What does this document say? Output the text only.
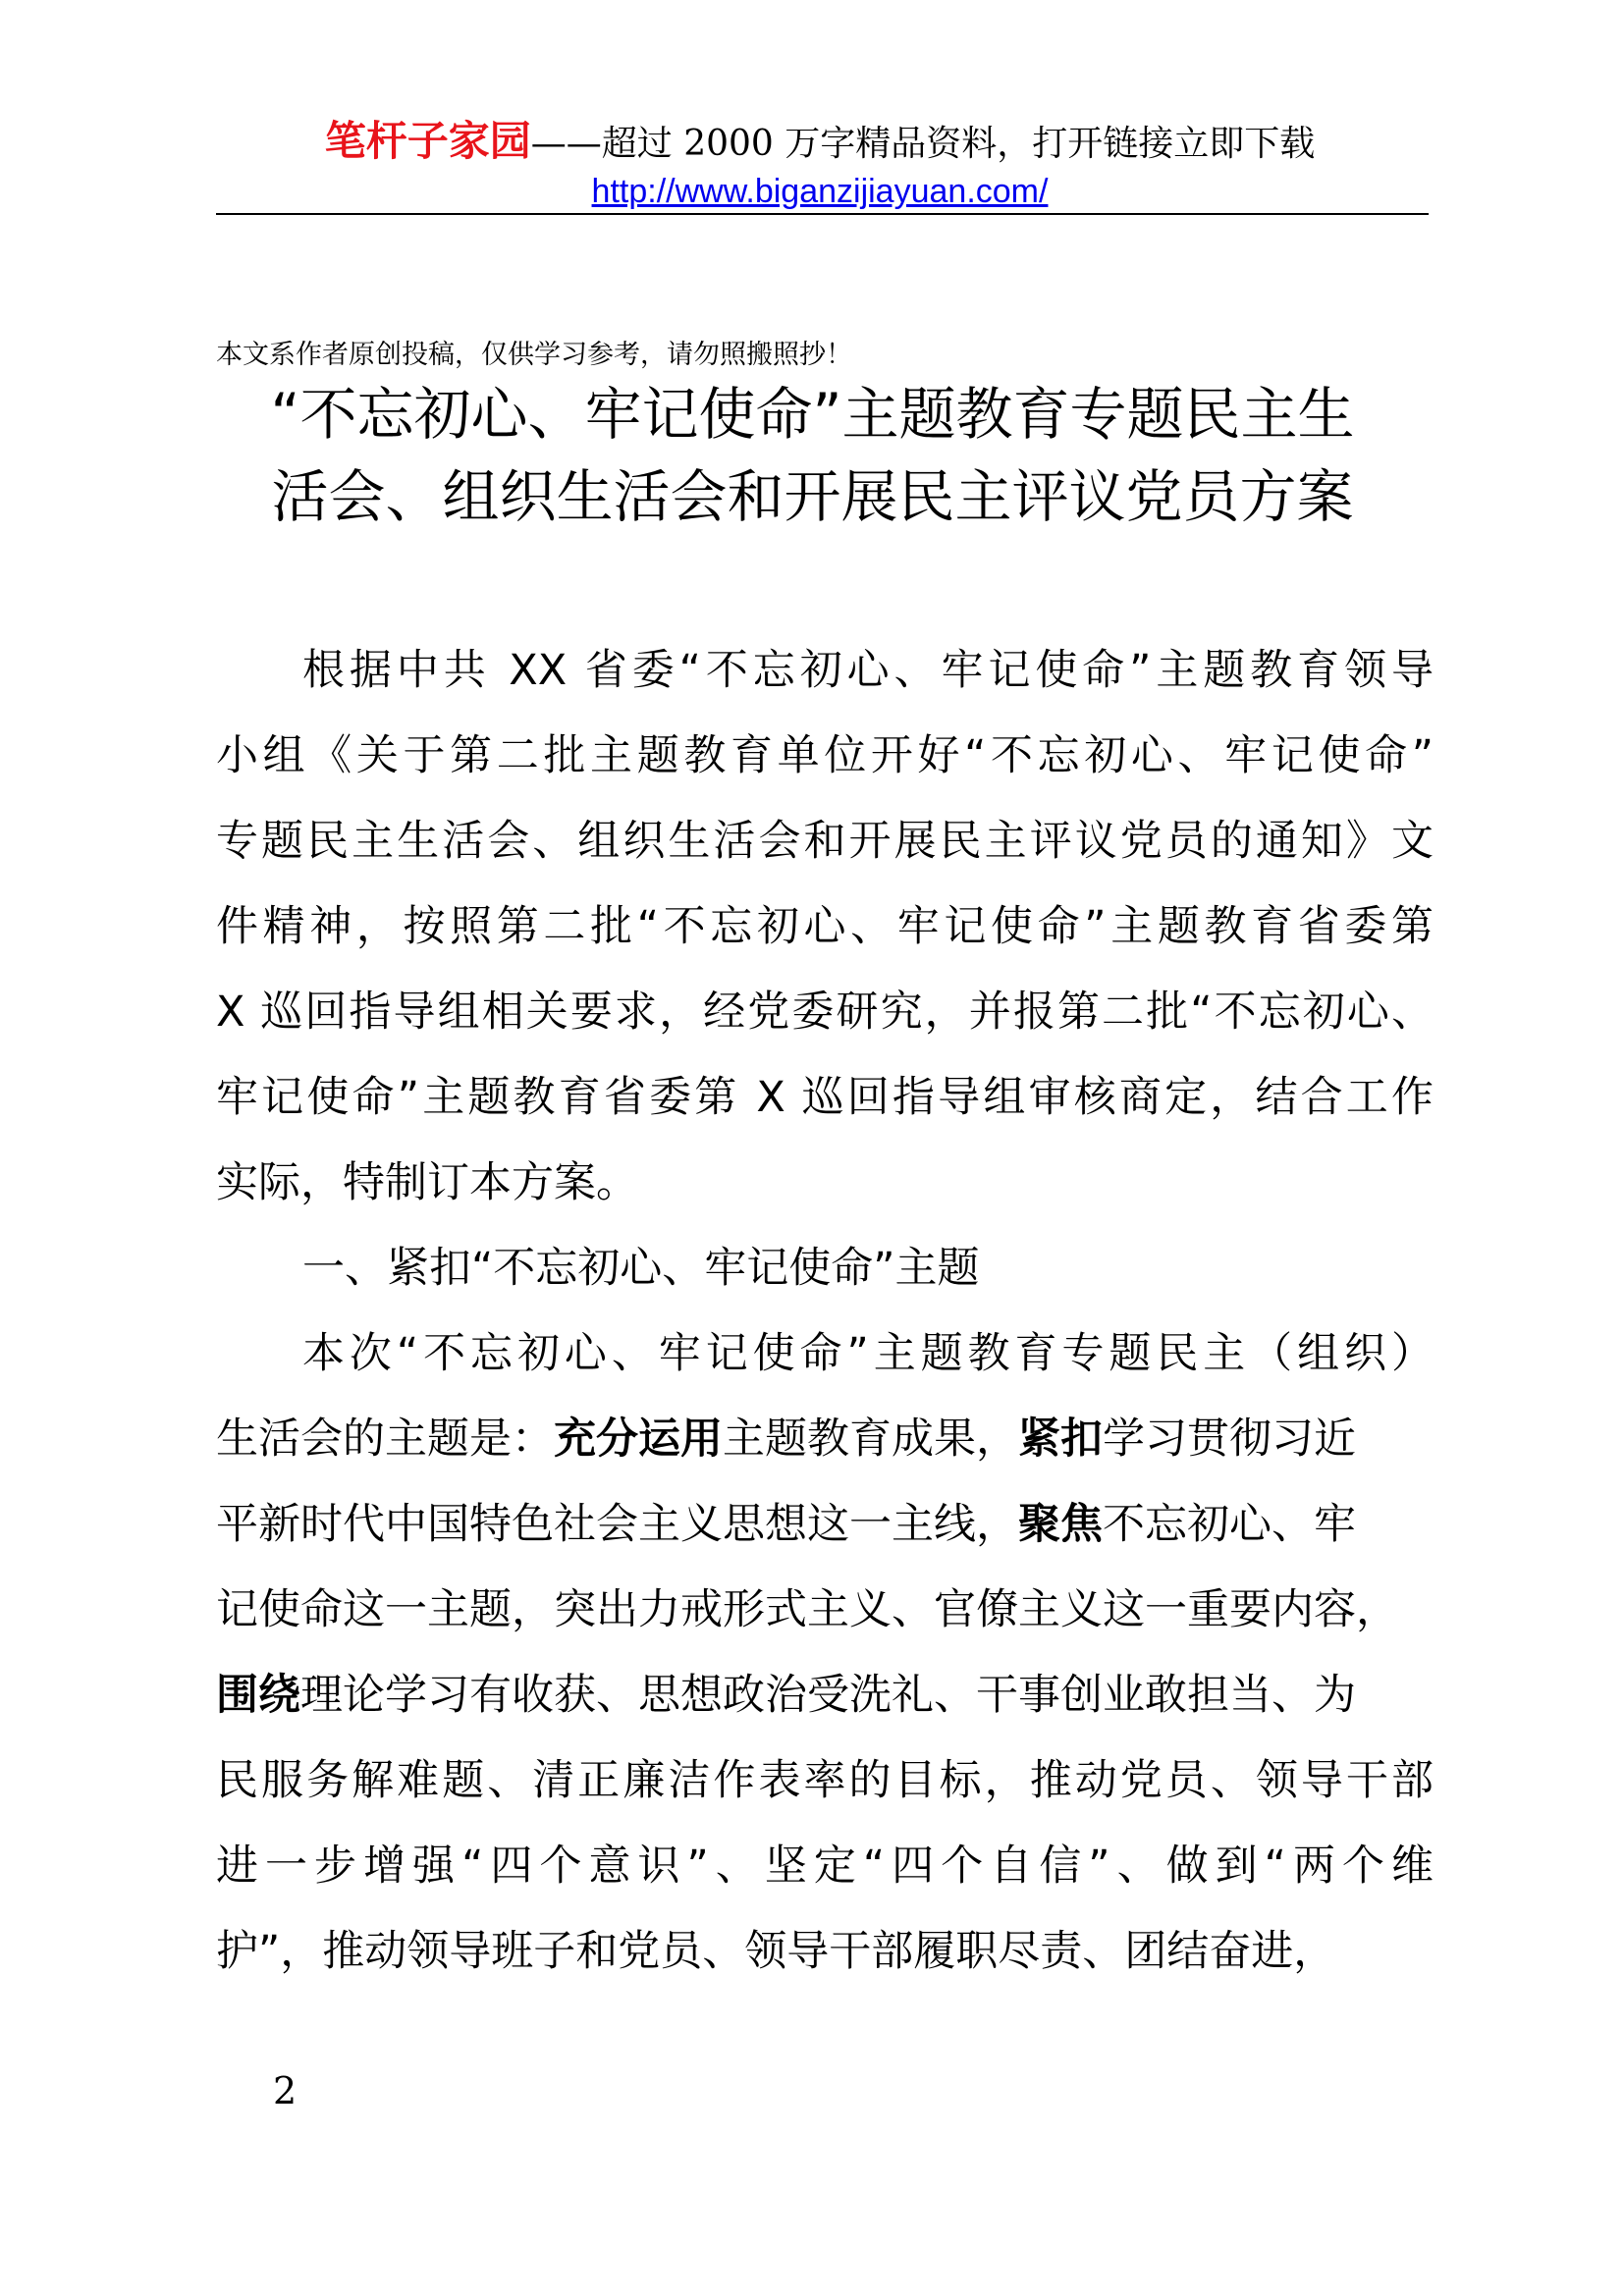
笔杆子家园——超过 2000 万字精品资料，打开链接立即下载
http://www.biganzijiayuan.com/
本文系作者原创投稿，仅供学习参考，请勿照搬照抄！
“不忘初心、牢记使命”主题教育专题民主生
活会、组织生活会和开展民主评议党员方案
根据中共 XX 省委“不忘初心、牢记使命”主题教育领导
小组《关于第二批主题教育单位开好“不忘初心、牢记使命”
专题民主生活会、组织生活会和开展民主评议党员的通知》文
件精神，按照第二批“不忘初心、牢记使命”主题教育省委第
X 巡回指导组相关要求，经党委研究，并报第二批“不忘初心、
牢记使命”主题教育省委第 X 巡回指导组审核商定，结合工作
实际，特制订本方案。
一、紧扣“不忘初心、牢记使命”主题
本次“不忘初心、牢记使命”主题教育专题民主（组织）
生活会的主题是：充分运用主题教育成果，紧扣学习贯彻习近
平新时代中国特色社会主义思想这一主线，聚焦不忘初心、牢
记使命这一主题，突出力戒形式主义、官僚主义这一重要内容，
围绕理论学习有收获、思想政治受洗礼、干事创业敢担当、为
民服务解难题、清正廉洁作表率的目标，推动党员、领导干部
进一步增强“四个意识”、坚定“四个自信”、做到“两个维
护”，推动领导班子和党员、领导干部履职尽责、团结奋进，
2
